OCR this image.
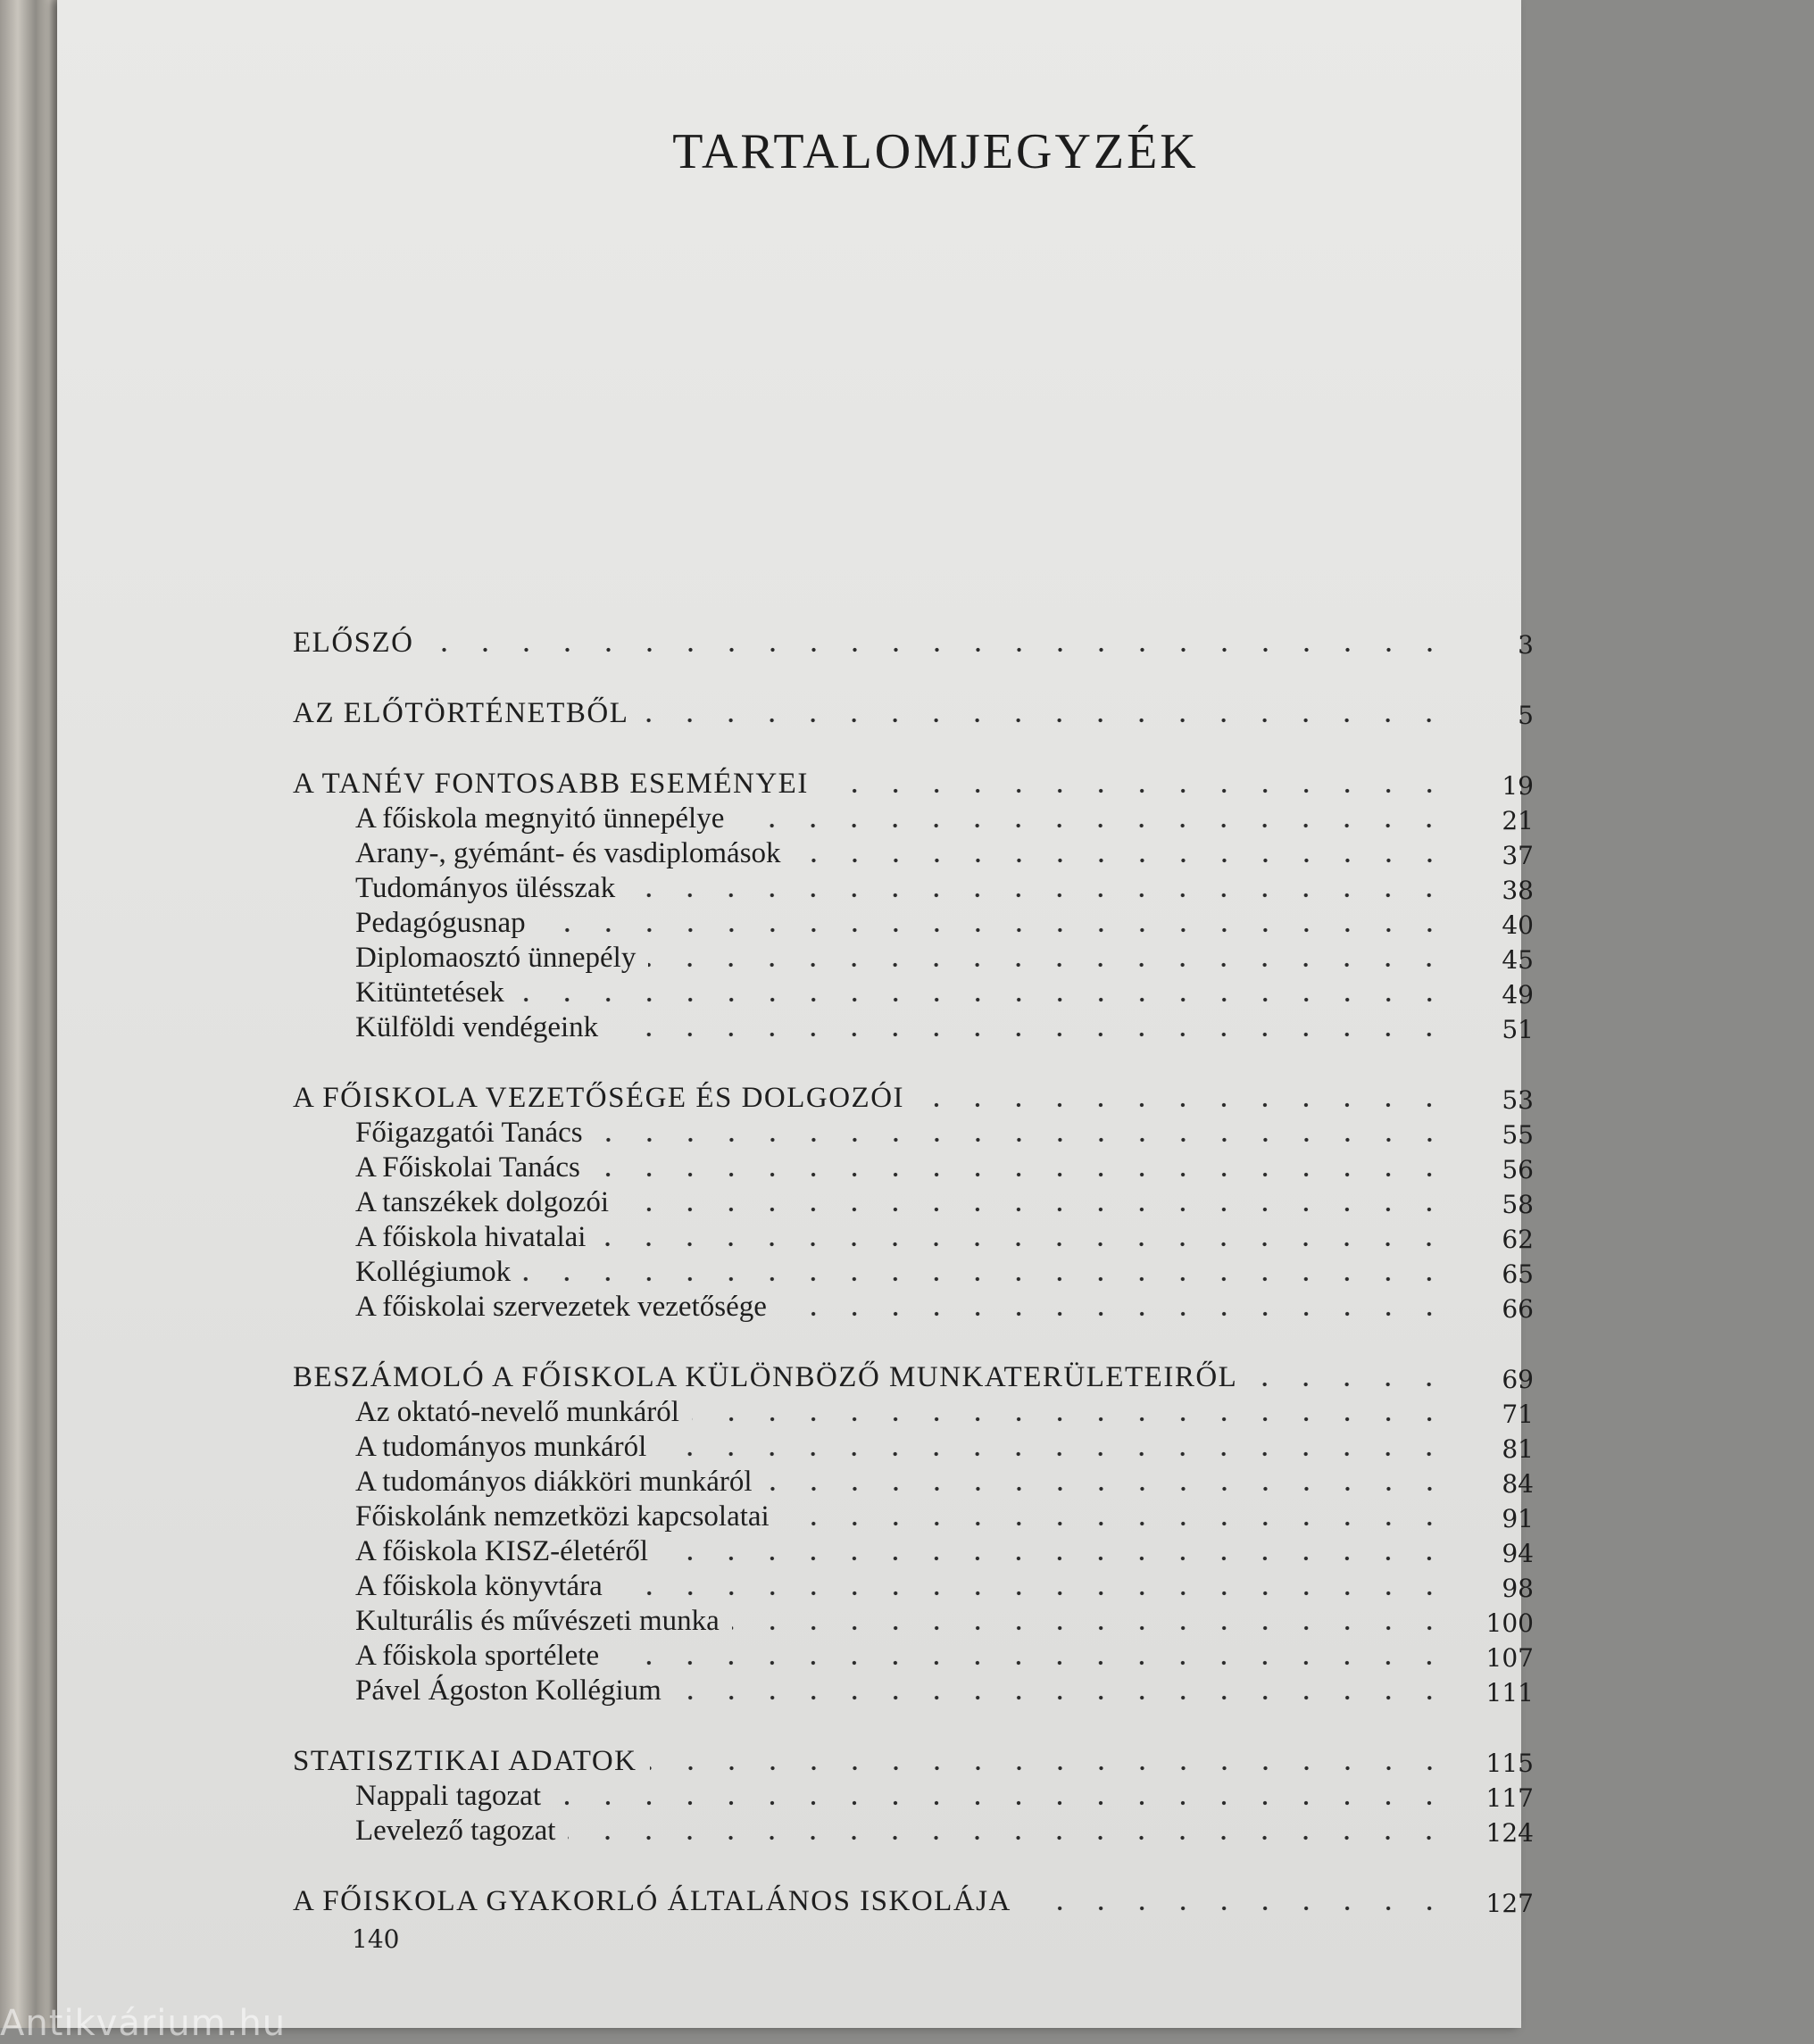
TARTALOMJEGYZÉK
ELŐSZÓ	3
AZ ELŐTÖRTÉNETBŐL	5
A TANÉV FONTOSABB ESEMÉNYEI	19
A főiskola megnyitó ünnepélye	21
Arany-, gyémánt- és vasdiplomások	37
Tudományos ülésszak	38
Pedagógusnap	40
Diplomaosztó ünnepély	45
Kitüntetések	49
Külföldi vendégeink	51
A FŐISKOLA VEZETŐSÉGE ÉS DOLGOZÓI	53
Főigazgatói Tanács	55
A Főiskolai Tanács	56
A tanszékek dolgozói	58
A főiskola hivatalai	62
Kollégiumok	65
A főiskolai szervezetek vezetősége	66
BESZÁMOLÓ A FŐISKOLA KÜLÖNBÖZŐ MUNKATERÜLETEIRŐL	69
Az oktató-nevelő munkáról	71
A tudományos munkáról	81
A tudományos diákköri munkáról	84
Főiskolánk nemzetközi kapcsolatai	91
A főiskola KISZ-életéről	94
A főiskola könyvtára	98
Kulturális és művészeti munka	100
A főiskola sportélete	107
Pável Ágoston Kollégium	111
STATISZTIKAI ADATOK	115
Nappali tagozat	117
Levelező tagozat	124
A FŐISKOLA GYAKORLÓ ÁLTALÁNOS ISKOLÁJA	127
140
Antikvárium.hu
